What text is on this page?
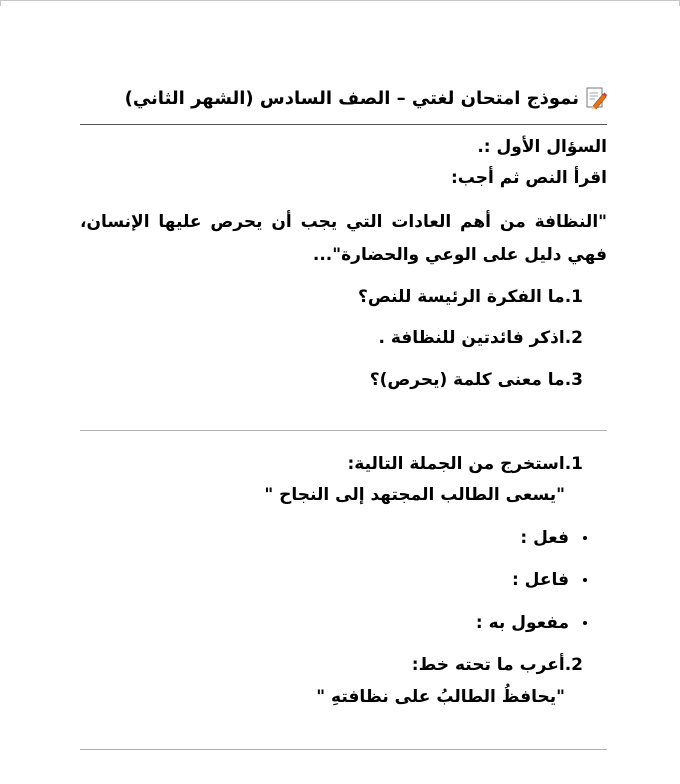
نموذج امتحان لغتي – الصف السادس (الشهر الثاني)
السؤال الأول :.
اقرأ النص ثم أجب:
"النظافة من أهم العادات التي يجب أن يحرص عليها الإنسان، فهي دليل على الوعي والحضارة"...
1.
ما الفكرة الرئيسة للنص؟
2.
اذكر فائدتين للنظافة .
3.
ما معنى كلمة (يحرص)؟
1.
استخرج من الجملة التالية:
"يسعى الطالب المجتهد إلى النجاح "
فعل :
فاعل :
مفعول به :
2.
أعرب ما تحته خط:
"يحافظُ الطالبُ على نظافتهِ "
